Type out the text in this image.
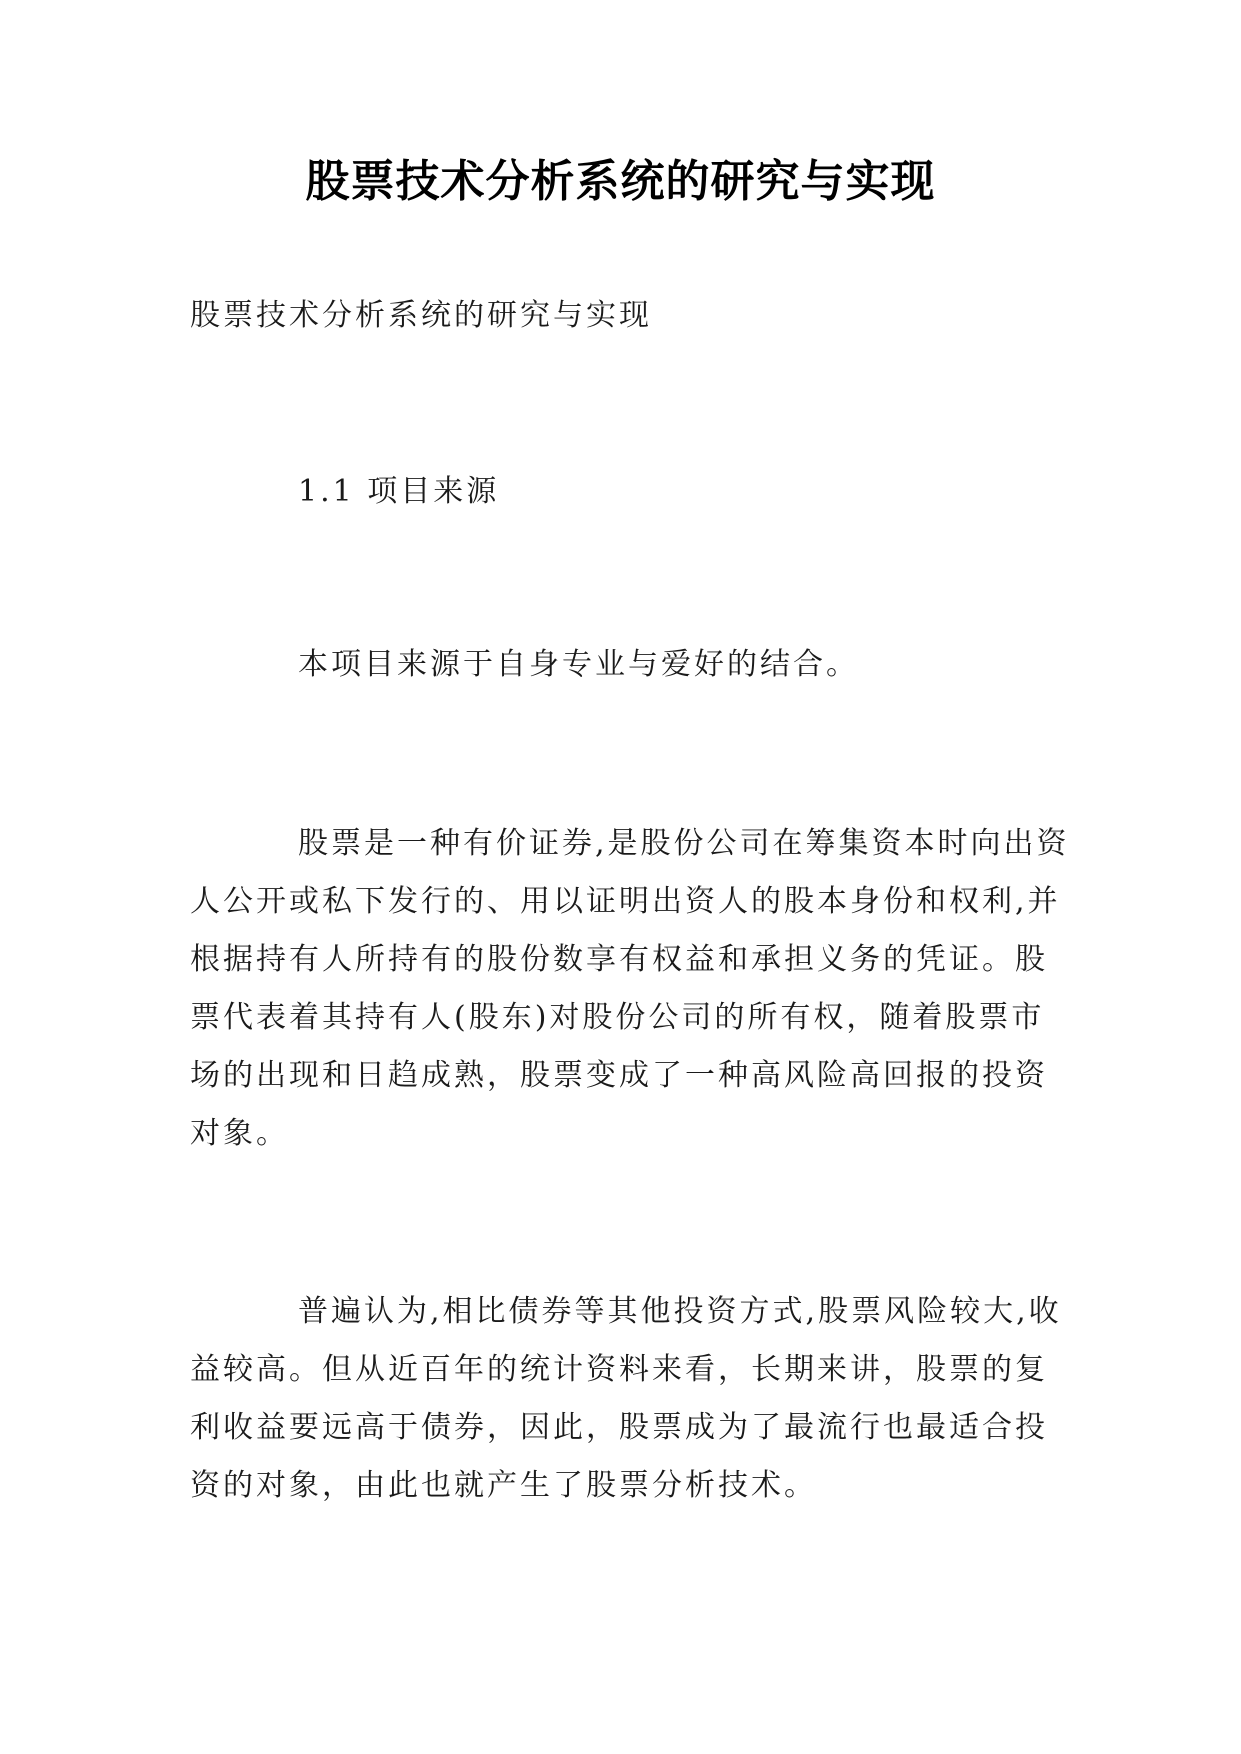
股票技术分析系统的研究与实现

股票技术分析系统的研究与实现

1.1 项目来源

本项目来源于自身专业与爱好的结合。

股票是一种有价证券,是股份公司在筹集资本时向出资人公开或私下发行的、用以证明出资人的股本身份和权利,并根据持有人所持有的股份数享有权益和承担义务的凭证。股票代表着其持有人(股东)对股份公司的所有权，随着股票市场的出现和日趋成熟，股票变成了一种高风险高回报的投资对象。

普遍认为,相比债券等其他投资方式,股票风险较大,收益较高。但从近百年的统计资料来看，长期来讲，股票的复利收益要远高于债券，因此，股票成为了最流行也最适合投资的对象，由此也就产生了股票分析技术。
